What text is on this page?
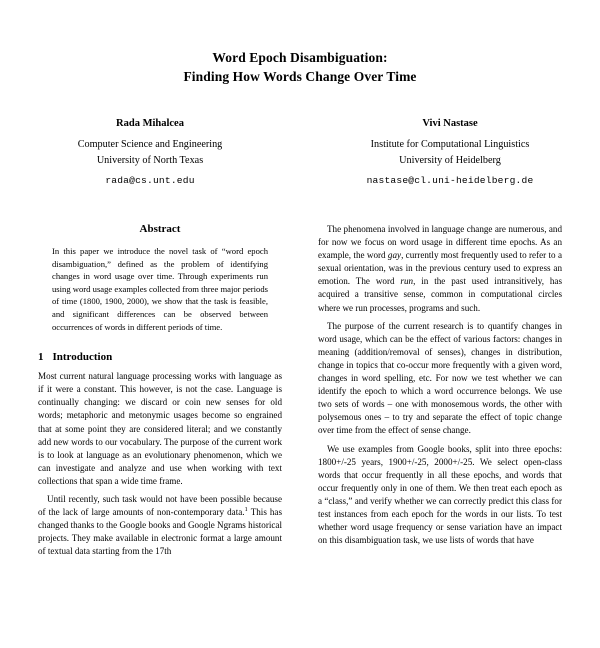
Word Epoch Disambiguation:
Finding How Words Change Over Time
Rada Mihalcea
Computer Science and Engineering
University of North Texas
rada@cs.unt.edu
Vivi Nastase
Institute for Computational Linguistics
University of Heidelberg
nastase@cl.uni-heidelberg.de
Abstract
In this paper we introduce the novel task of “word epoch disambiguation,” defined as the problem of identifying changes in word usage over time. Through experiments run using word usage examples collected from three major periods of time (1800, 1900, 2000), we show that the task is feasible, and significant differences can be observed between occurrences of words in different periods of time.
1 Introduction

Most current natural language processing works with language as if it were a constant. This however, is not the case. Language is continually changing: we discard or coin new senses for old words; metaphoric and metonymic usages become so engrained that at some point they are considered literal; and we constantly add new words to our vocabulary. The purpose of the current work is to look at language as an evolutionary phenomenon, which we can investigate and analyze and use when working with text collections that span a wide time frame.

Until recently, such task would not have been possible because of the lack of large amounts of non-contemporary data.$^1$ This has changed thanks to the Google books and Google Ngrams historical projects. They make available in electronic format a large amount of textual data starting from the 17th

The phenomena involved in language change are numerous, and for now we focus on word usage in different time epochs. As an example, the word gay, currently most frequently used to refer to a sexual orientation, was in the previous century used to express an emotion. The word run, in the past used intransitively, has acquired a transitive sense, common in computational circles where we run processes, programs and such.

The purpose of the current research is to quantify changes in word usage, which can be the effect of various factors: changes in meaning (addition/removal of senses), changes in distribution, change in topics that co-occur more frequently with a given word, changes in word spelling, etc. For now we test whether we can identify the epoch to which a word occurrence belongs. We use two sets of words – one with monosemous words, the other with polysemous ones – to try and separate the effect of topic change over time from the effect of sense change.

We use examples from Google books, split into three epochs: 1800+/-25 years, 1900+/-25, 2000+/-25. We select open-class words that occur frequently in all these epochs, and words that occur frequently only in one of them. We then treat each epoch as a “class,” and verify whether we can correctly predict this class for test instances from each epoch for the words in our lists. To test whether word usage frequency or sense variation have an impact on this disambiguation task, we use lists of words that have
